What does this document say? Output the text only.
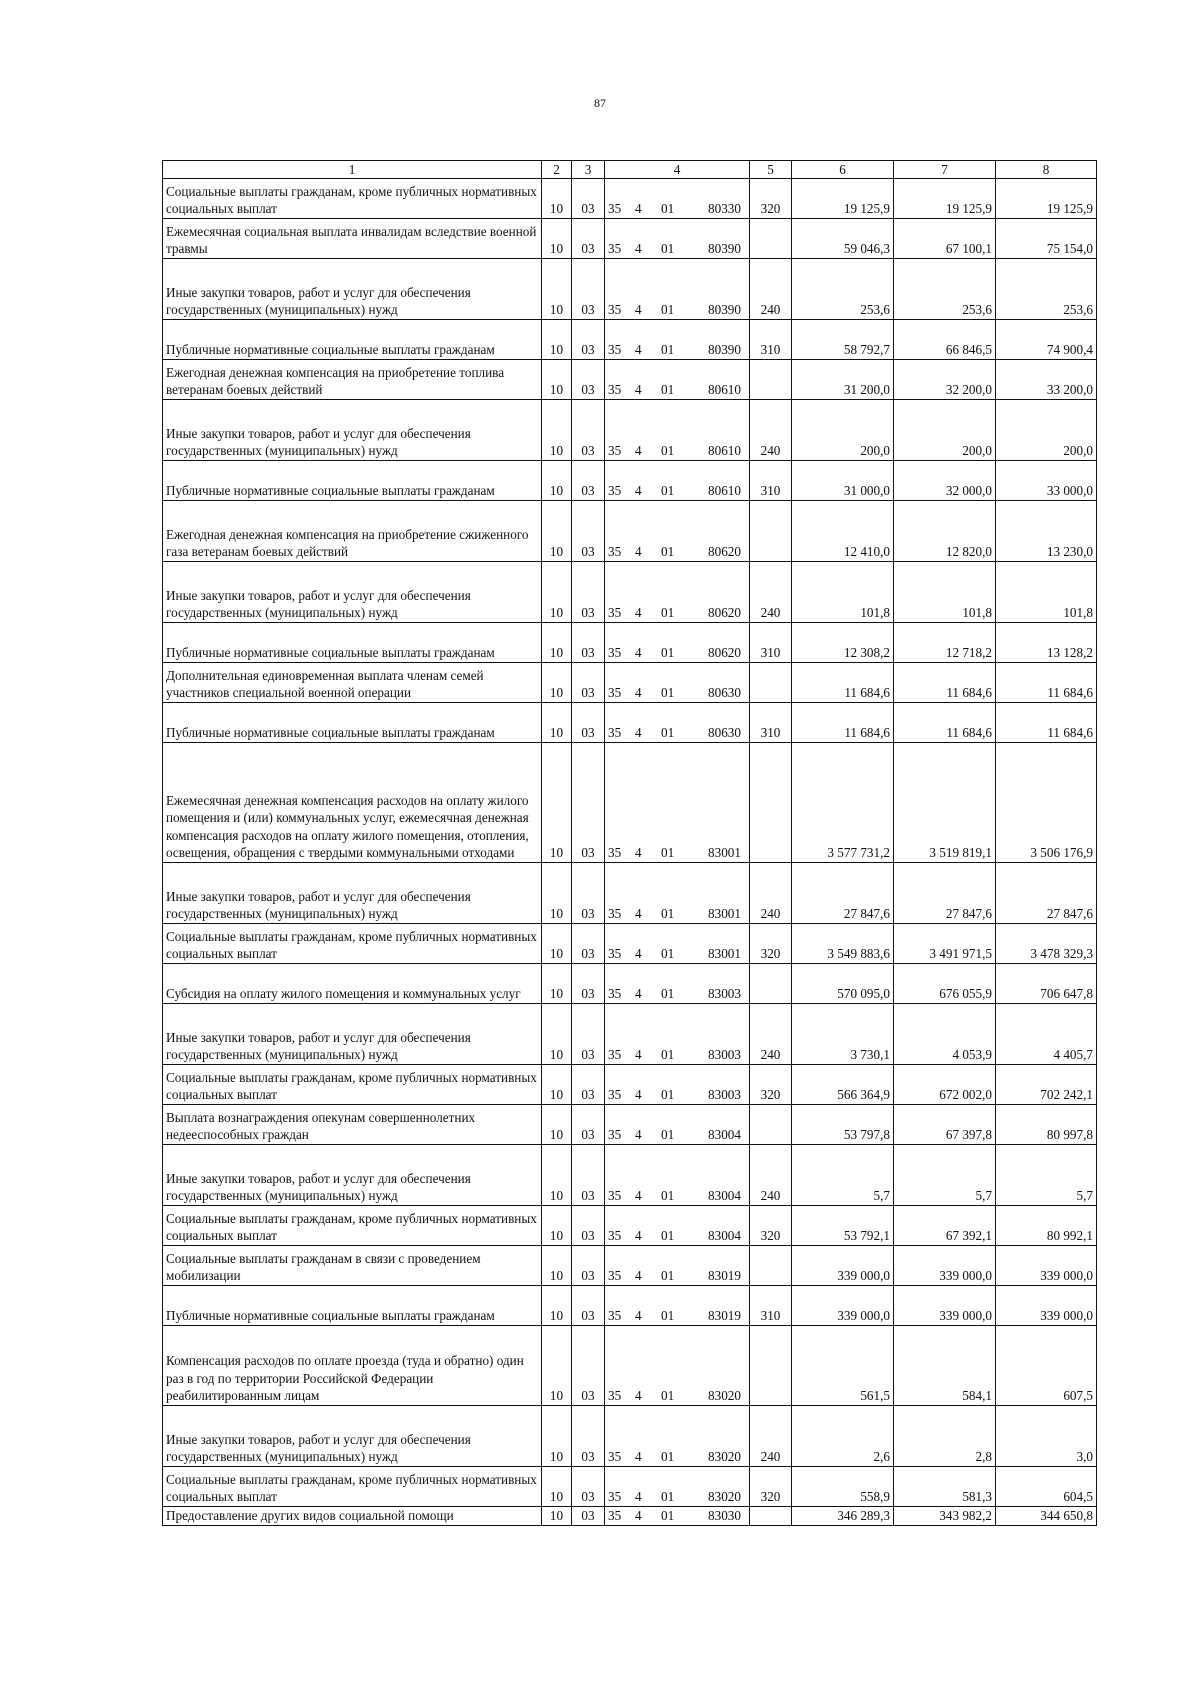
87
1	2	3	4	5	6	7	8
Социальные выплаты гражданам, кроме публичных нормативных социальных выплат	10	03	35 4 01 80330	320	19 125,9	19 125,9	19 125,9
Ежемесячная социальная выплата инвалидам вследствие военной травмы	10	03	35 4 01 80390		59 046,3	67 100,1	75 154,0
Иные закупки товаров, работ и услуг для обеспечения государственных (муниципальных) нужд	10	03	35 4 01 80390	240	253,6	253,6	253,6
Публичные нормативные социальные выплаты гражданам	10	03	35 4 01 80390	310	58 792,7	66 846,5	74 900,4
Ежегодная денежная компенсация на приобретение топлива ветеранам боевых действий	10	03	35 4 01 80610		31 200,0	32 200,0	33 200,0
Иные закупки товаров, работ и услуг для обеспечения государственных (муниципальных) нужд	10	03	35 4 01 80610	240	200,0	200,0	200,0
Публичные нормативные социальные выплаты гражданам	10	03	35 4 01 80610	310	31 000,0	32 000,0	33 000,0
Ежегодная денежная компенсация на приобретение сжиженного газа ветеранам боевых действий	10	03	35 4 01 80620		12 410,0	12 820,0	13 230,0
Иные закупки товаров, работ и услуг для обеспечения государственных (муниципальных) нужд	10	03	35 4 01 80620	240	101,8	101,8	101,8
Публичные нормативные социальные выплаты гражданам	10	03	35 4 01 80620	310	12 308,2	12 718,2	13 128,2
Дополнительная единовременная выплата членам семей участников специальной военной операции	10	03	35 4 01 80630		11 684,6	11 684,6	11 684,6
Публичные нормативные социальные выплаты гражданам	10	03	35 4 01 80630	310	11 684,6	11 684,6	11 684,6
Ежемесячная денежная компенсация расходов на оплату жилого помещения и (или) коммунальных услуг, ежемесячная денежная компенсация расходов на оплату жилого помещения, отопления, освещения, обращения с твердыми коммунальными отходами	10	03	35 4 01 83001		3 577 731,2	3 519 819,1	3 506 176,9
Иные закупки товаров, работ и услуг для обеспечения государственных (муниципальных) нужд	10	03	35 4 01 83001	240	27 847,6	27 847,6	27 847,6
Социальные выплаты гражданам, кроме публичных нормативных социальных выплат	10	03	35 4 01 83001	320	3 549 883,6	3 491 971,5	3 478 329,3
Субсидия на оплату жилого помещения и коммунальных услуг	10	03	35 4 01 83003		570 095,0	676 055,9	706 647,8
Иные закупки товаров, работ и услуг для обеспечения государственных (муниципальных) нужд	10	03	35 4 01 83003	240	3 730,1	4 053,9	4 405,7
Социальные выплаты гражданам, кроме публичных нормативных социальных выплат	10	03	35 4 01 83003	320	566 364,9	672 002,0	702 242,1
Выплата вознаграждения опекунам совершеннолетних недееспособных граждан	10	03	35 4 01 83004		53 797,8	67 397,8	80 997,8
Иные закупки товаров, работ и услуг для обеспечения государственных (муниципальных) нужд	10	03	35 4 01 83004	240	5,7	5,7	5,7
Социальные выплаты гражданам, кроме публичных нормативных социальных выплат	10	03	35 4 01 83004	320	53 792,1	67 392,1	80 992,1
Социальные выплаты гражданам в связи с проведением мобилизации	10	03	35 4 01 83019		339 000,0	339 000,0	339 000,0
Публичные нормативные социальные выплаты гражданам	10	03	35 4 01 83019	310	339 000,0	339 000,0	339 000,0
Компенсация расходов по оплате проезда (туда и обратно) один раз в год по территории Российской Федерации реабилитированным лицам	10	03	35 4 01 83020		561,5	584,1	607,5
Иные закупки товаров, работ и услуг для обеспечения государственных (муниципальных) нужд	10	03	35 4 01 83020	240	2,6	2,8	3,0
Социальные выплаты гражданам, кроме публичных нормативных социальных выплат	10	03	35 4 01 83020	320	558,9	581,3	604,5
Предоставление других видов социальной помощи	10	03	35 4 01 83030		346 289,3	343 982,2	344 650,8
